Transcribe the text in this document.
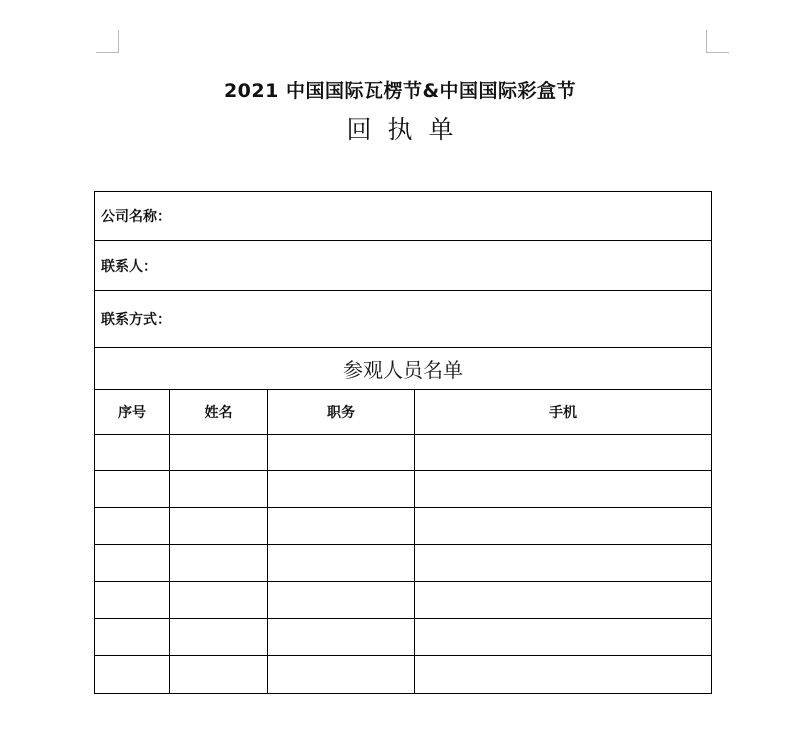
2021 中国国际瓦楞节&中国国际彩盒节
回执单
公司名称：			
联系人：			
联系方式：			
参观人员名单			
序号	姓名	职务	手机
